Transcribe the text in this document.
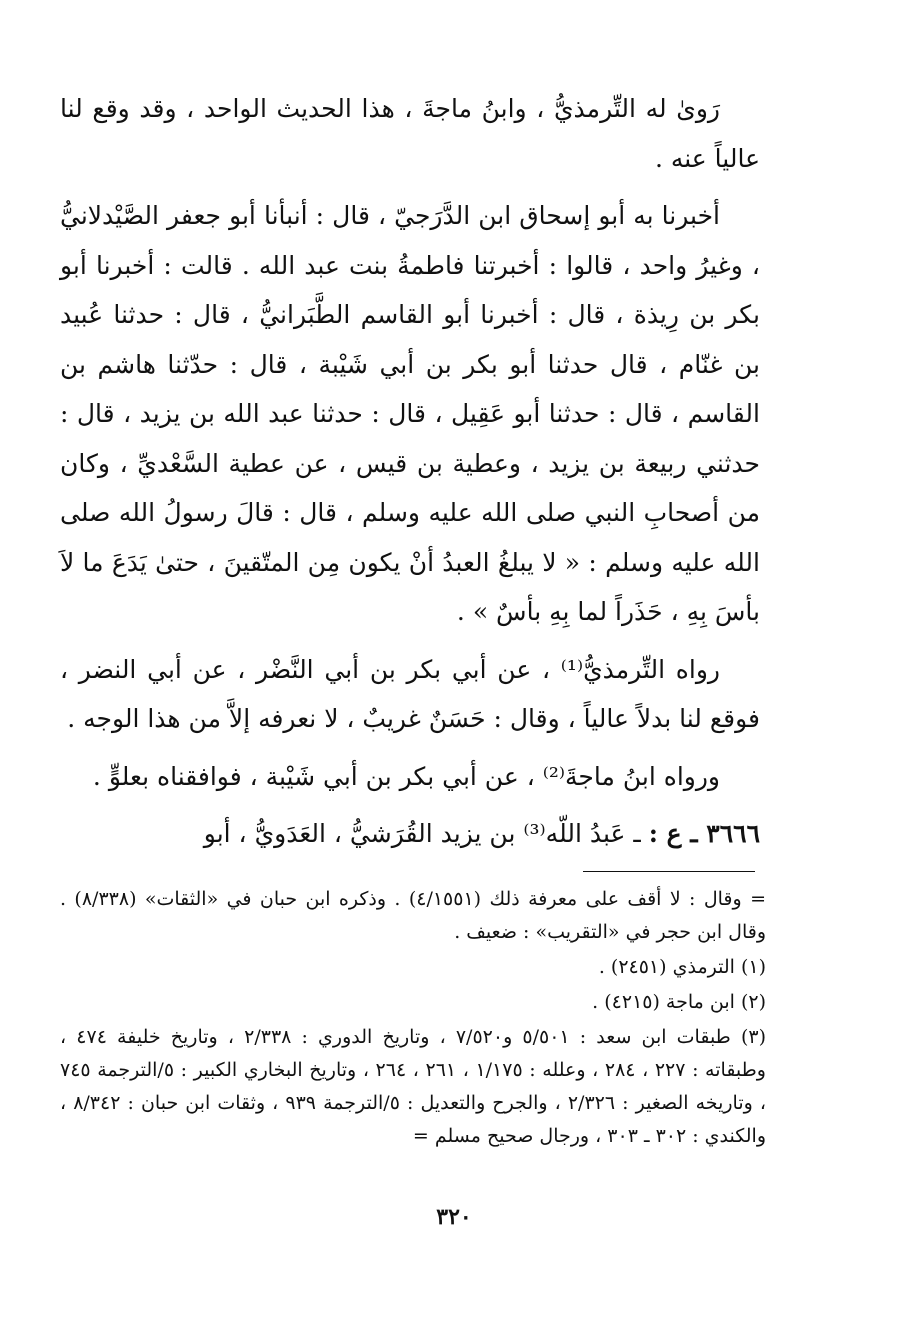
رَوىٰ له التِّرمذيُّ ، وابنُ ماجةَ ، هذا الحديث الواحد ، وقد وقع لنا عالياً عنه .

أخبرنا به أبو إسحاق ابن الدَّرَجيّ ، قال : أنبأنا أبو جعفر الصَّيْدلانيُّ ، وغيرُ واحد ، قالوا : أخبرتنا فاطمةُ بنت عبد الله . قالت : أخبرنا أبو بكر بن رِيذة ، قال : أخبرنا أبو القاسم الطَّبَرانيُّ ، قال : حدثنا عُبيد بن غنّام ، قال حدثنا أبو بكر بن أبي شَيْبة ، قال : حدّثنا هاشم بن القاسم ، قال : حدثنا أبو عَقِيل ، قال : حدثنا عبد الله بن يزيد ، قال : حدثني ربيعة بن يزيد ، وعطية بن قيس ، عن عطية السَّعْديِّ ، وكان من أصحابِ النبي صلى الله عليه وسلم ، قال : قالَ رسولُ الله صلى الله عليه وسلم : « لا يبلغُ العبدُ أنْ يكون مِن المتّقينَ ، حتىٰ يَدَعَ ما لاَ بأسَ بِهِ ، حَذَراً لما بِهِ بأسٌ » .

رواه التِّرمذيُّ⁽¹⁾ ، عن أبي بكر بن أبي النَّضْر ، عن أبي النضر ، فوقع لنا بدلاً عالياً ، وقال : حَسَنٌ غريبٌ ، لا نعرفه إلاَّ من هذا الوجه .

ورواه ابنُ ماجةَ⁽²⁾ ، عن أبي بكر بن أبي شَيْبة ، فوافقناه بعلوٍّ .

٣٦٦٦ ـ ع : ـ عَبدُ اللّه⁽³⁾ بن يزيد القُرَشيُّ ، العَدَويُّ ، أبو

= وقال : لا أقف على معرفة ذلك (٤/١٥٥١) . وذكره ابن حبان في «الثقات» (٨/٣٣٨) . وقال ابن حجر في «التقريب» : ضعيف .

(١) الترمذي (٢٤٥١) .

(٢) ابن ماجة (٤٢١٥) .

(٣) طبقات ابن سعد : ٥/٥٠١ و٧/٥٢٠ ، وتاريخ الدوري : ٢/٣٣٨ ، وتاريخ خليفة ٤٧٤ ، وطبقاته : ٢٢٧ ، ٢٨٤ ، وعلله : ١/١٧٥ ، ٢٦١ ، ٢٦٤ ، وتاريخ البخاري الكبير : ٥/الترجمة ٧٤٥ ، وتاريخه الصغير : ٢/٣٢٦ ، والجرح والتعديل : ٥/الترجمة ٩٣٩ ، وثقات ابن حبان : ٨/٣٤٢ ، والكندي : ٣٠٢ ـ ٣٠٣ ، ورجال صحيح مسلم =

٣٢٠
